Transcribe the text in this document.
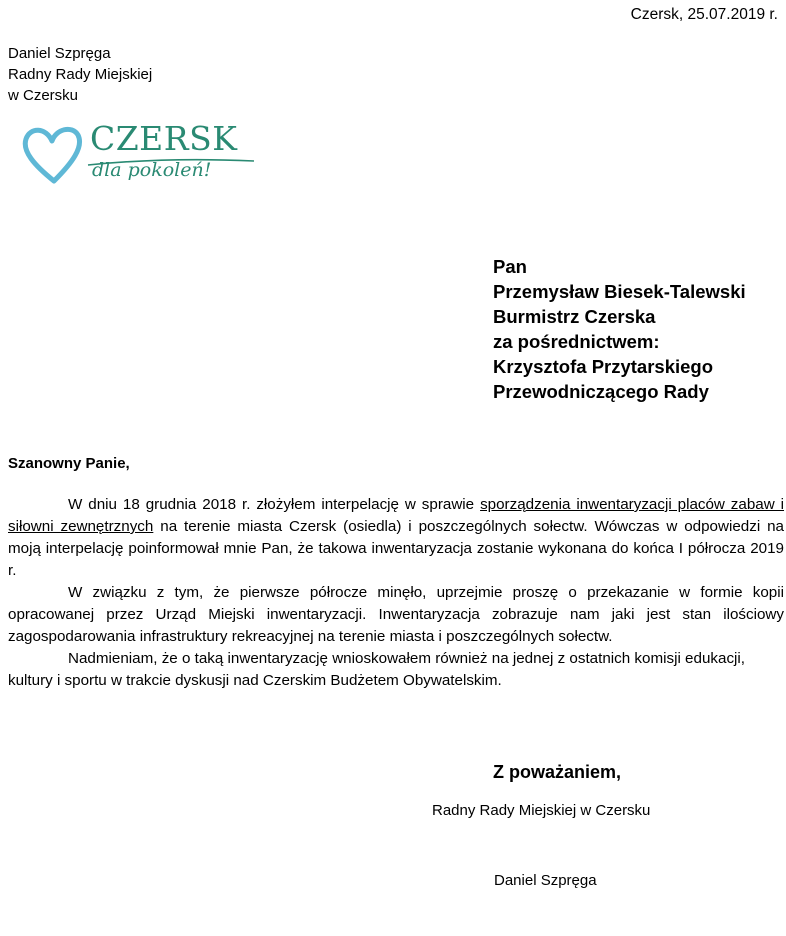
Czersk, 25.07.2019 r.
Daniel Szpręga
Radny Rady Miejskiej
w Czersku
CZERSK
dla pokoleń!
Pan
Przemysław Biesek-Talewski
Burmistrz Czerska
za pośrednictwem:
Krzysztofa Przytarskiego
Przewodniczącego Rady
Szanowny Panie,

W dniu 18 grudnia 2018 r. złożyłem interpelację w sprawie sporządzenia inwentaryzacji placów zabaw i siłowni zewnętrznych na terenie miasta Czersk (osiedla) i poszczególnych sołectw. Wówczas w odpowiedzi na moją interpelację poinformował mnie Pan, że takowa inwentaryzacja zostanie wykonana do końca I półrocza 2019 r.

W związku z tym, że pierwsze półrocze minęło, uprzejmie proszę o przekazanie w formie kopii opracowanej przez Urząd Miejski inwentaryzacji. Inwentaryzacja zobrazuje nam jaki jest stan ilościowy zagospodarowania infrastruktury rekreacyjnej na terenie miasta i poszczególnych sołectw.

Nadmieniam, że o taką inwentaryzację wnioskowałem również na jednej z ostatnich komisji edukacji, kultury i sportu w trakcie dyskusji nad Czerskim Budżetem Obywatelskim.

Z poważaniem,
Radny Rady Miejskiej w Czersku
Daniel Szpręga
